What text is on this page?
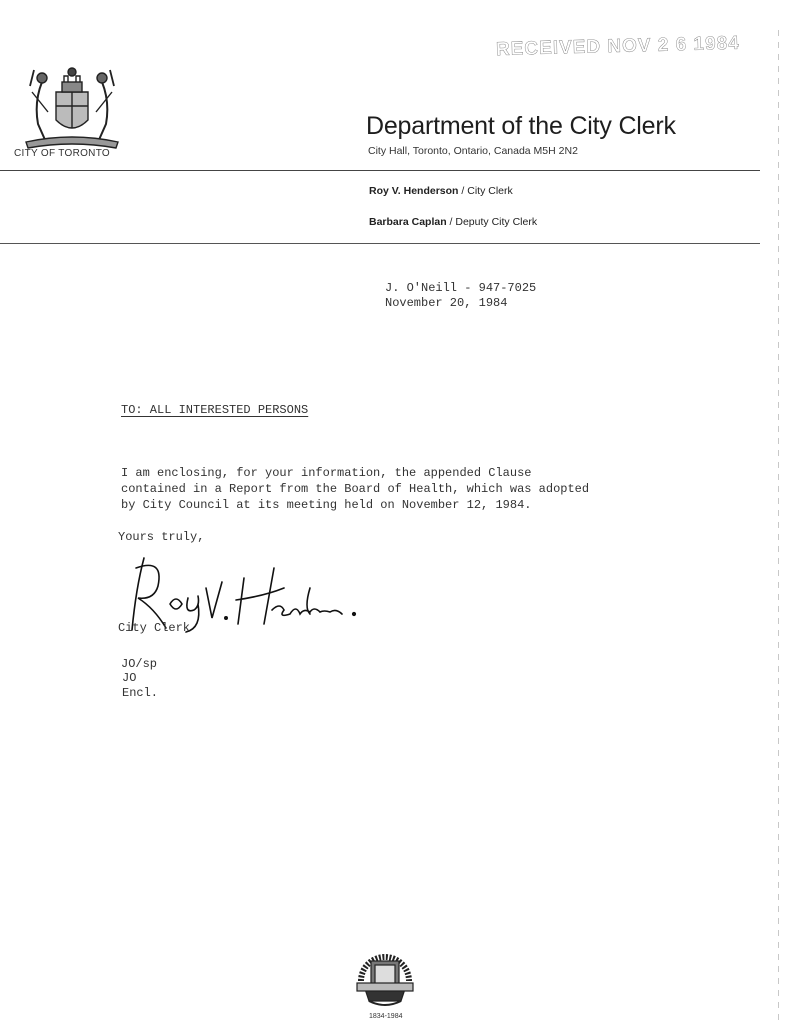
RECEIVED NOV 2 6 1984
CITY OF TORONTO
Department of the City Clerk
City Hall, Toronto, Ontario, Canada M5H 2N2
Roy V. Henderson / City Clerk
Barbara Caplan / Deputy City Clerk
J. O'Neill - 947-7025
November 20, 1984
TO: ALL INTERESTED PERSONS
I am enclosing, for your information, the appended Clause
contained in a Report from the Board of Health, which was adopted
by City Council at its meeting held on November 12, 1984.
Yours truly,
City Clerk
JO/sp
JO
Encl.
1834-1984
